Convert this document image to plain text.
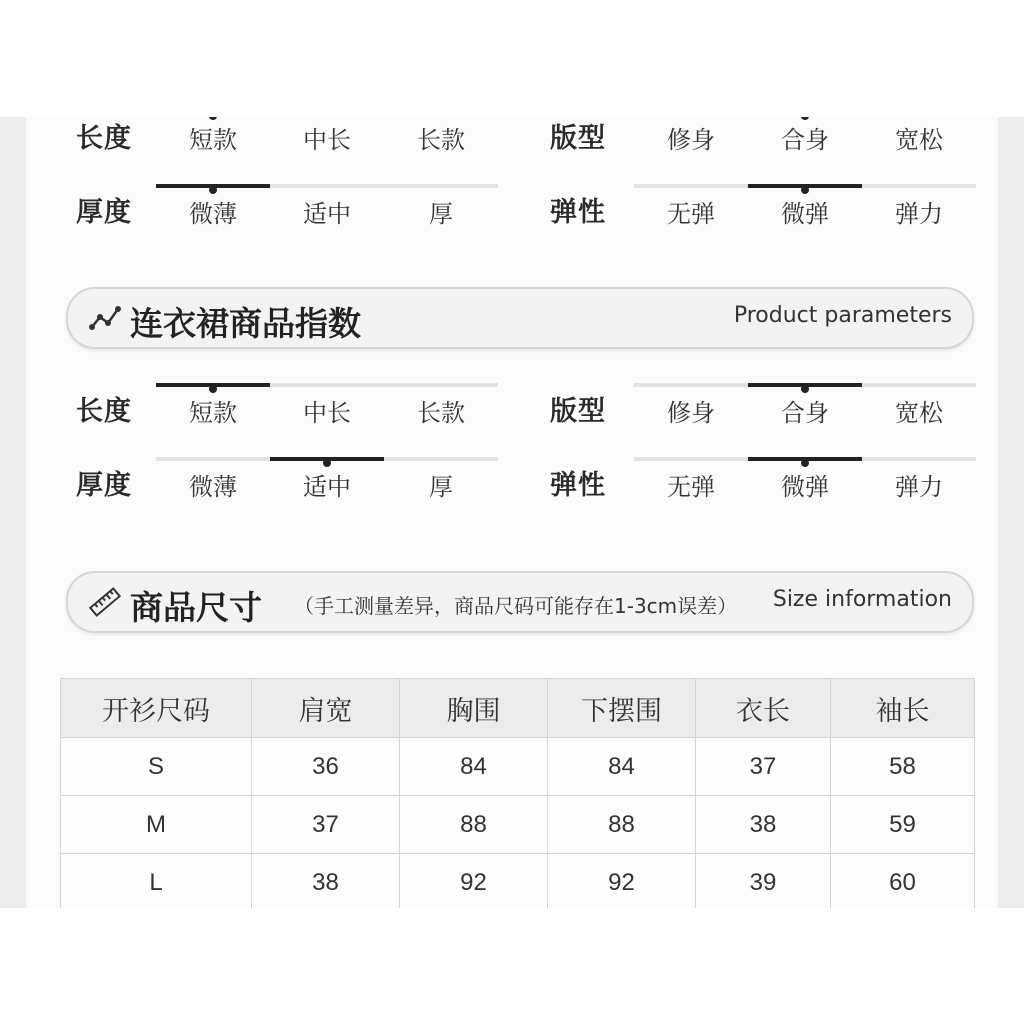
长度	短款	中长	长款	版型	修身	合身	宽松
厚度	微薄	适中	厚	弹性	无弹	微弹	弹力
连衣裙商品指数	Product parameters
长度	短款	中长	长款	版型	修身	合身	宽松
厚度	微薄	适中	厚	弹性	无弹	微弹	弹力
商品尺寸 （手工测量差异，商品尺码可能存在1-3cm误差） Size information
开衫尺码	肩宽	胸围	下摆围	衣长	袖长
S	36	84	84	37	58
M	37	88	88	38	59
L	38	92	92	39	60
